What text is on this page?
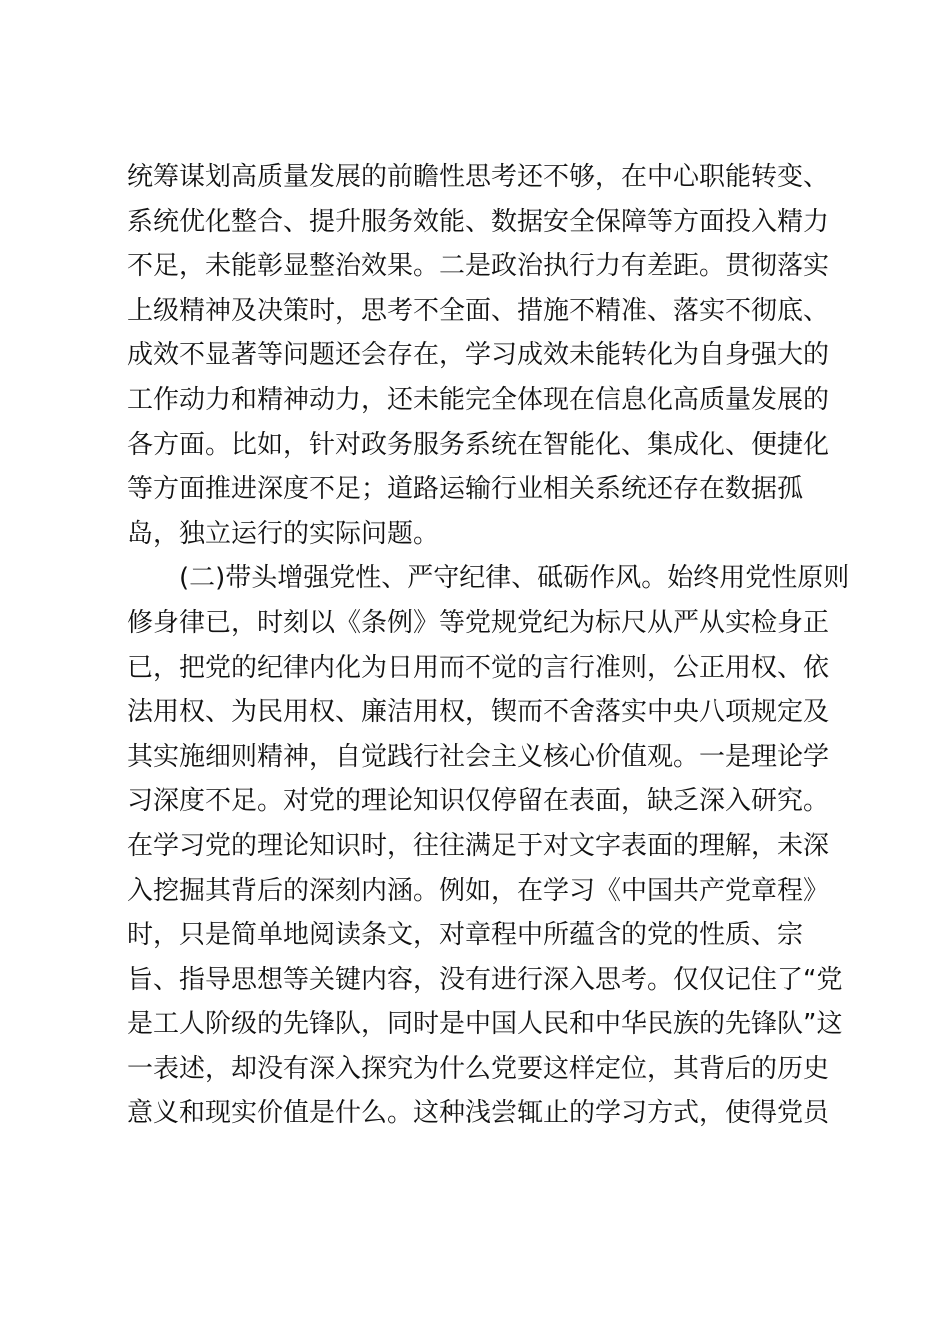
统筹谋划高质量发展的前瞻性思考还不够，在中心职能转变、
系统优化整合、提升服务效能、数据安全保障等方面投入精力
不足，未能彰显整治效果。二是政治执行力有差距。贯彻落实
上级精神及决策时，思考不全面、措施不精准、落实不彻底、
成效不显著等问题还会存在，学习成效未能转化为自身强大的
工作动力和精神动力，还未能完全体现在信息化高质量发展的
各方面。比如，针对政务服务系统在智能化、集成化、便捷化
等方面推进深度不足；道路运输行业相关系统还存在数据孤
岛，独立运行的实际问题。
(二)带头增强党性、严守纪律、砥砺作风。始终用党性原则
修身律已，时刻以《条例》等党规党纪为标尺从严从实检身正
已，把党的纪律内化为日用而不觉的言行准则，公正用权、依
法用权、为民用权、廉洁用权，锲而不舍落实中央八项规定及
其实施细则精神，自觉践行社会主义核心价值观。一是理论学
习深度不足。对党的理论知识仅停留在表面，缺乏深入研究。
在学习党的理论知识时，往往满足于对文字表面的理解，未深
入挖掘其背后的深刻内涵。例如，在学习《中国共产党章程》
时，只是简单地阅读条文，对章程中所蕴含的党的性质、宗
旨、指导思想等关键内容，没有进行深入思考。仅仅记住了“党
是工人阶级的先锋队，同时是中国人民和中华民族的先锋队”这
一表述，却没有深入探究为什么党要这样定位，其背后的历史
意义和现实价值是什么。这种浅尝辄止的学习方式，使得党员
